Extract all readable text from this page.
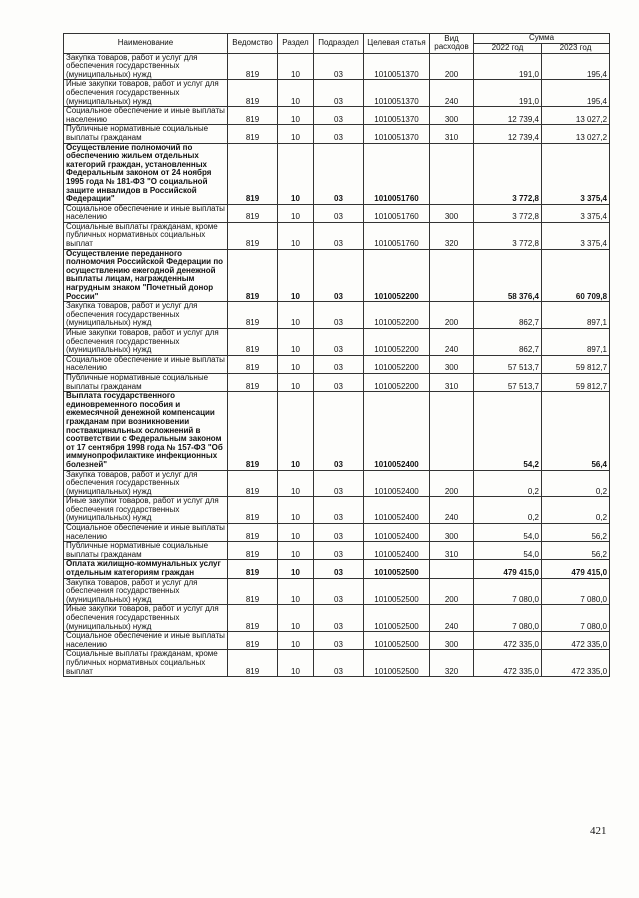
Наименование	Ведомство	Раздел	Подраздел	Целевая статья	Вид расходов	Сумма	
						2022 год	2023 год
Закупка товаров, работ и услуг для обеспечения государственных (муниципальных) нужд	819	10	03	1010051370	200	191,0	195,4
Иные закупки товаров, работ и услуг для обеспечения государственных (муниципальных) нужд	819	10	03	1010051370	240	191,0	195,4
Социальное обеспечение и иные выплаты населению	819	10	03	1010051370	300	12 739,4	13 027,2
Публичные нормативные социальные выплаты гражданам	819	10	03	1010051370	310	12 739,4	13 027,2
Осуществление полномочий по обеспечению жильем отдельных категорий граждан, установленных Федеральным законом от 24 ноября 1995 года № 181-ФЗ "О социальной защите инвалидов в Российской Федерации"	819	10	03	1010051760		3 772,8	3 375,4
Социальное обеспечение и иные выплаты населению	819	10	03	1010051760	300	3 772,8	3 375,4
Социальные выплаты гражданам, кроме публичных нормативных социальных выплат	819	10	03	1010051760	320	3 772,8	3 375,4
Осуществление переданного полномочия Российской Федерации по осуществлению ежегодной денежной выплаты лицам, награжденным нагрудным знаком "Почетный донор России"	819	10	03	1010052200		58 376,4	60 709,8
Закупка товаров, работ и услуг для обеспечения государственных (муниципальных) нужд	819	10	03	1010052200	200	862,7	897,1
Иные закупки товаров, работ и услуг для обеспечения государственных (муниципальных) нужд	819	10	03	1010052200	240	862,7	897,1
Социальное обеспечение и иные выплаты населению	819	10	03	1010052200	300	57 513,7	59 812,7
Публичные нормативные социальные выплаты гражданам	819	10	03	1010052200	310	57 513,7	59 812,7
Выплата государственного единовременного пособия и ежемесячной денежной компенсации гражданам при возникновении поствакцинальных осложнений в соответствии с Федеральным законом от 17 сентября 1998 года № 157-ФЗ "Об иммунопрофилактике инфекционных болезней"	819	10	03	1010052400		54,2	56,4
Закупка товаров, работ и услуг для обеспечения государственных (муниципальных) нужд	819	10	03	1010052400	200	0,2	0,2
Иные закупки товаров, работ и услуг для обеспечения государственных (муниципальных) нужд	819	10	03	1010052400	240	0,2	0,2
Социальное обеспечение и иные выплаты населению	819	10	03	1010052400	300	54,0	56,2
Публичные нормативные социальные выплаты гражданам	819	10	03	1010052400	310	54,0	56,2
Оплата жилищно-коммунальных услуг отдельным категориям граждан	819	10	03	1010052500		479 415,0	479 415,0
Закупка товаров, работ и услуг для обеспечения государственных (муниципальных) нужд	819	10	03	1010052500	200	7 080,0	7 080,0
Иные закупки товаров, работ и услуг для обеспечения государственных (муниципальных) нужд	819	10	03	1010052500	240	7 080,0	7 080,0
Социальное обеспечение и иные выплаты населению	819	10	03	1010052500	300	472 335,0	472 335,0
Социальные выплаты гражданам, кроме публичных нормативных социальных выплат	819	10	03	1010052500	320	472 335,0	472 335,0
421
